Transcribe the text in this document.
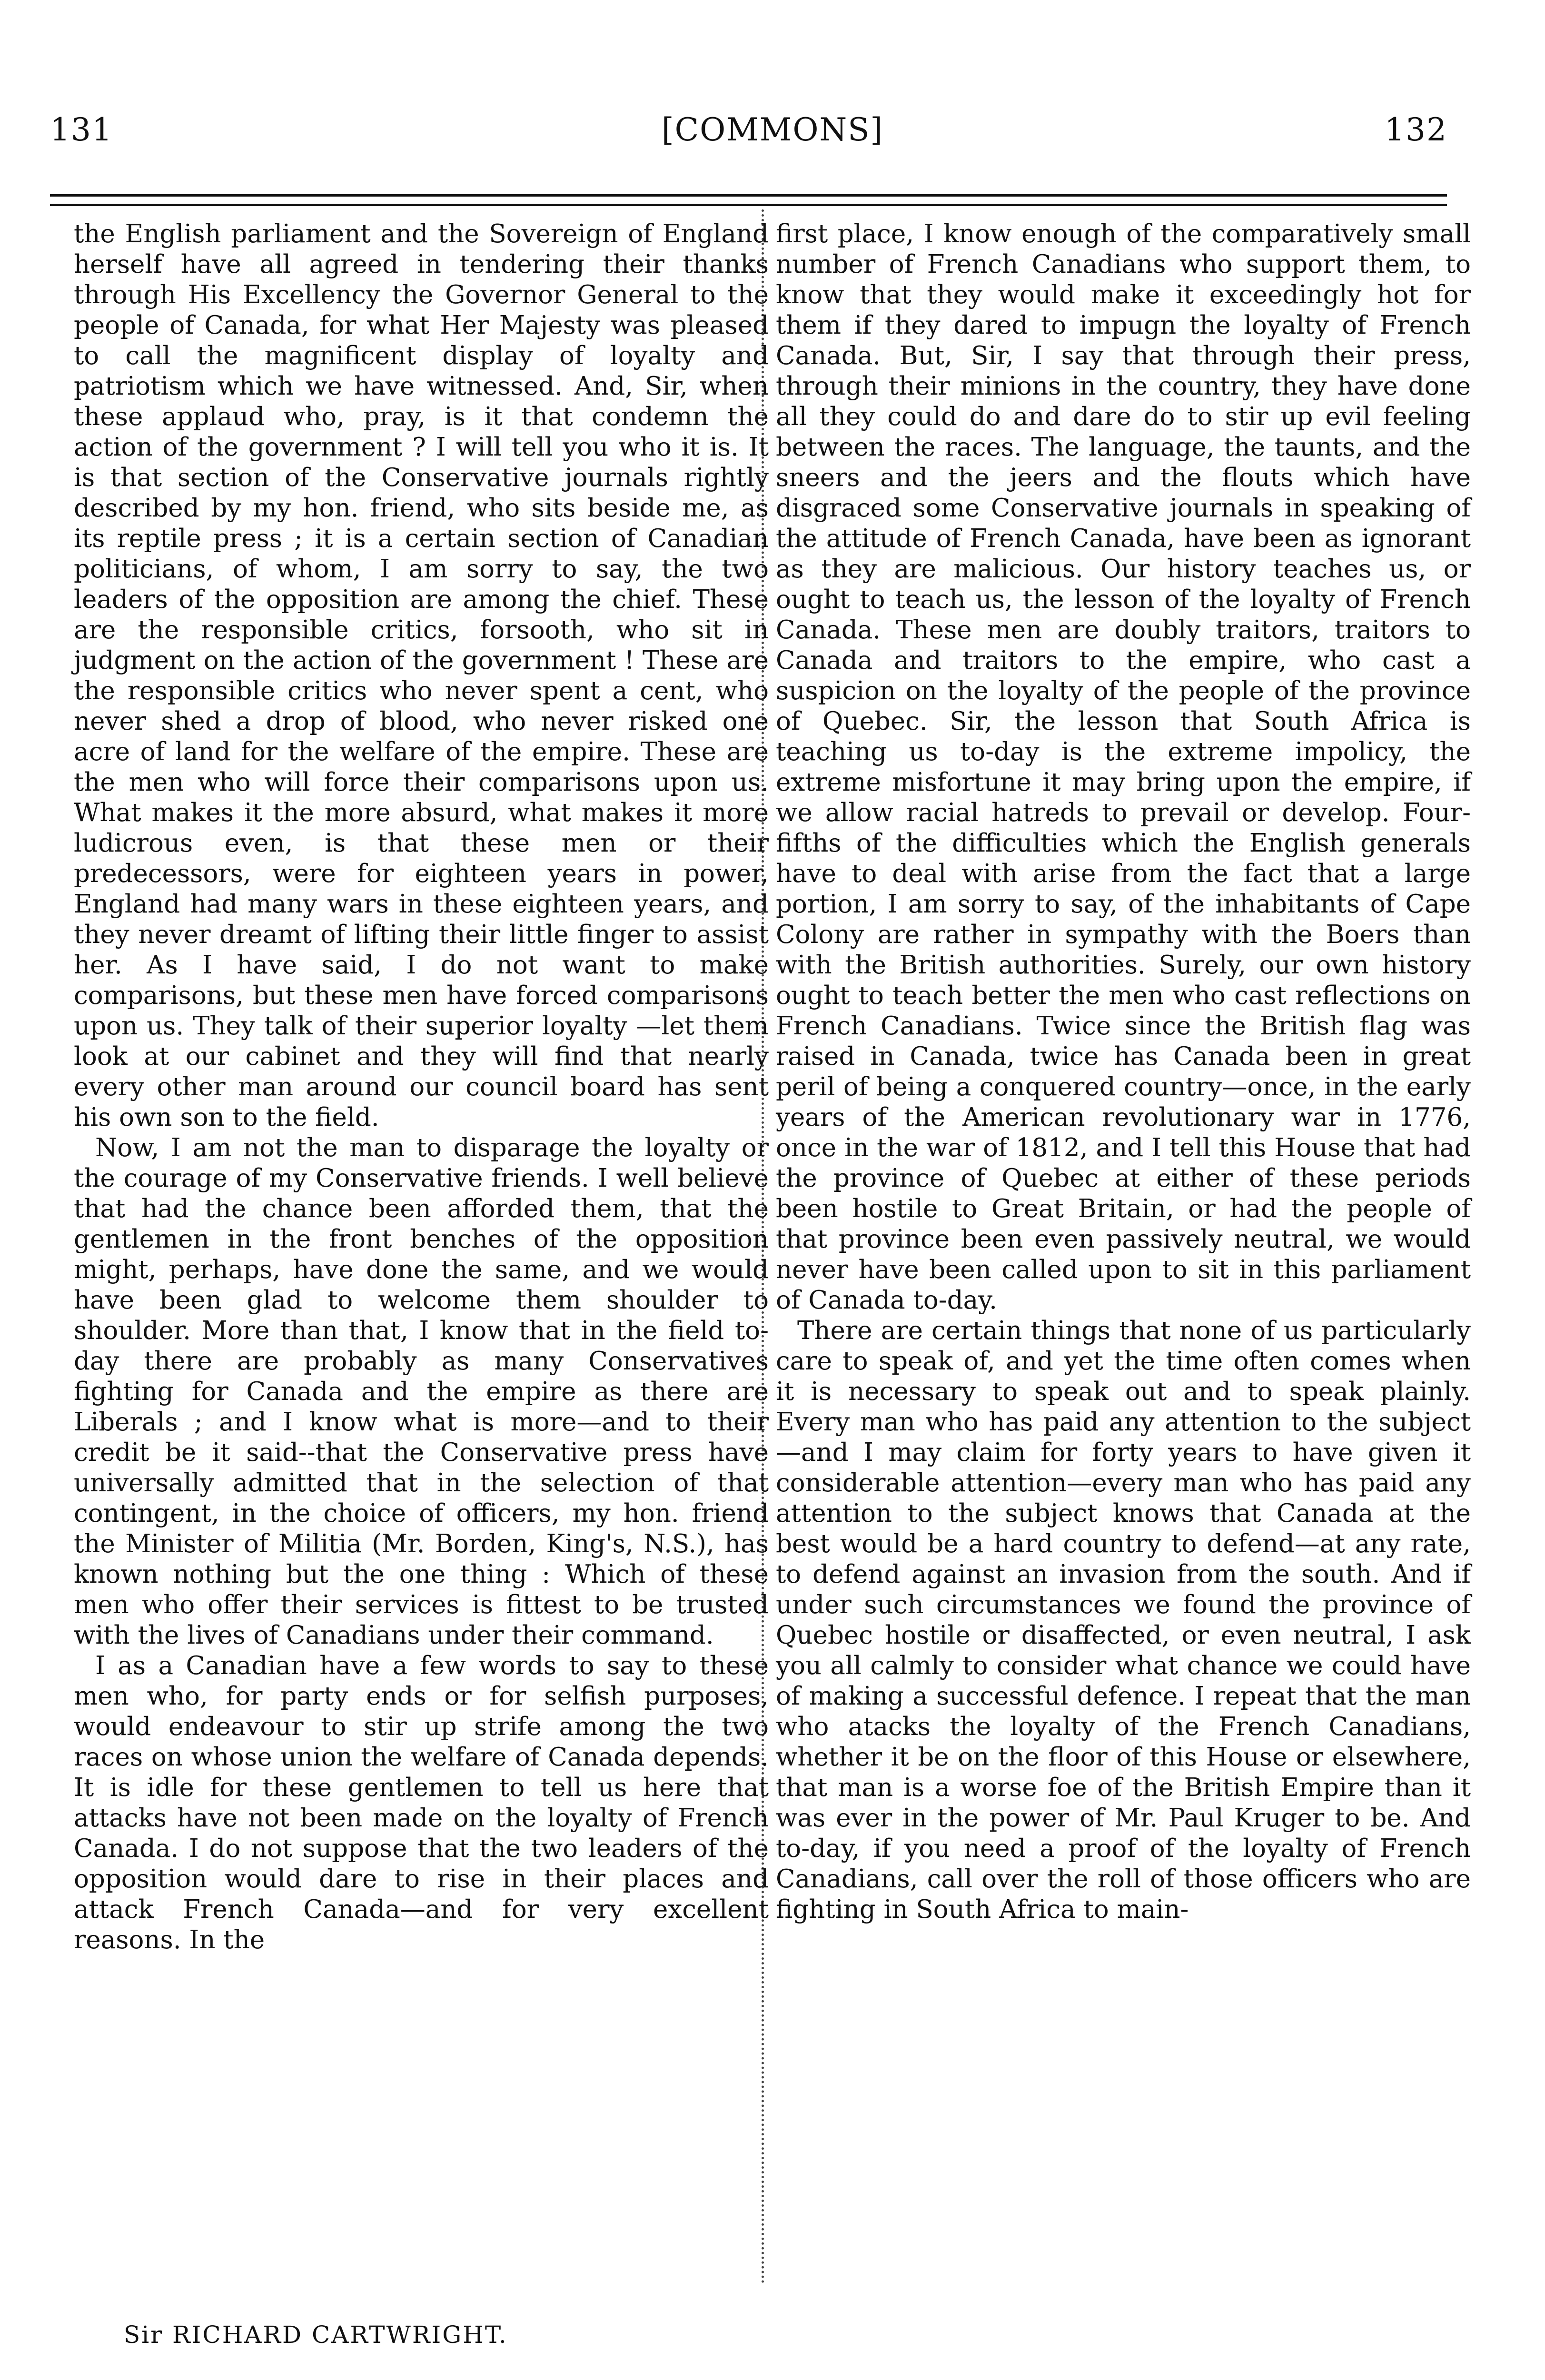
131	[COMMONS]	132

the English parliament and the Sovereign of England herself have all agreed in tendering their thanks through His Excellency the Governor General to the people of Canada, for what Her Majesty was pleased to call the magnificent display of loyalty and patriotism which we have witnessed. And, Sir, when these applaud who, pray, is it that condemn the action of the government ? I will tell you who it is. It is that section of the Conservative journals rightly described by my hon. friend, who sits beside me, as its reptile press ; it is a certain section of Canadian politicians, of whom, I am sorry to say, the two leaders of the opposition are among the chief. These are the responsible critics, forsooth, who sit in judgment on the action of the government ! These are the responsible critics who never spent a cent, who never shed a drop of blood, who never risked one acre of land for the welfare of the empire. These are the men who will force their comparisons upon us. What makes it the more absurd, what makes it more ludicrous even, is that these men or their predecessors, were for eighteen years in power, England had many wars in these eighteen years, and they never dreamt of lifting their little finger to assist her. As I have said, I do not want to make comparisons, but these men have forced comparisons upon us. They talk of their superior loyalty —let them look at our cabinet and they will find that nearly every other man around our council board has sent his own son to the field.

Now, I am not the man to disparage the loyalty or the courage of my Conservative friends. I well believe that had the chance been afforded them, that the gentlemen in the front benches of the opposition might, perhaps, have done the same, and we would have been glad to welcome them shoulder to shoulder. More than that, I know that in the field to-day there are probably as many Conservatives fighting for Canada and the empire as there are Liberals ; and I know what is more—and to their credit be it said--that the Conservative press have universally admitted that in the selection of that contingent, in the choice of officers, my hon. friend the Minister of Militia (Mr. Borden, King's, N.S.), has known nothing but the one thing : Which of these men who offer their services is fittest to be trusted with the lives of Canadians under their command.

I as a Canadian have a few words to say to these men who, for party ends or for selfish purposes, would endeavour to stir up strife among the two races on whose union the welfare of Canada depends. It is idle for these gentlemen to tell us here that attacks have not been made on the loyalty of French Canada. I do not suppose that the two leaders of the opposition would dare to rise in their places and attack French Canada—and for very excellent reasons. In the

first place, I know enough of the comparatively small number of French Canadians who support them, to know that they would make it exceedingly hot for them if they dared to impugn the loyalty of French Canada. But, Sir, I say that through their press, through their minions in the country, they have done all they could do and dare do to stir up evil feeling between the races. The language, the taunts, and the sneers and the jeers and the flouts which have disgraced some Conservative journals in speaking of the attitude of French Canada, have been as ignorant as they are malicious. Our history teaches us, or ought to teach us, the lesson of the loyalty of French Canada. These men are doubly traitors, traitors to Canada and traitors to the empire, who cast a suspicion on the loyalty of the people of the province of Quebec. Sir, the lesson that South Africa is teaching us to-day is the extreme impolicy, the extreme misfortune it may bring upon the empire, if we allow racial hatreds to prevail or develop. Four-fifths of the difficulties which the English generals have to deal with arise from the fact that a large portion, I am sorry to say, of the inhabitants of Cape Colony are rather in sympathy with the Boers than with the British authorities. Surely, our own history ought to teach better the men who cast reflections on French Canadians. Twice since the British flag was raised in Canada, twice has Canada been in great peril of being a conquered country—once, in the early years of the American revolutionary war in 1776, once in the war of 1812, and I tell this House that had the province of Quebec at either of these periods been hostile to Great Britain, or had the people of that province been even passively neutral, we would never have been called upon to sit in this parliament of Canada to-day.

There are certain things that none of us particularly care to speak of, and yet the time often comes when it is necessary to speak out and to speak plainly. Every man who has paid any attention to the subject—and I may claim for forty years to have given it considerable attention—every man who has paid any attention to the subject knows that Canada at the best would be a hard country to defend—at any rate, to defend against an invasion from the south. And if under such circumstances we found the province of Quebec hostile or disaffected, or even neutral, I ask you all calmly to consider what chance we could have of making a successful defence. I repeat that the man who atacks the loyalty of the French Canadians, whether it be on the floor of this House or elsewhere, that man is a worse foe of the British Empire than it was ever in the power of Mr. Paul Kruger to be. And to-day, if you need a proof of the loyalty of French Canadians, call over the roll of those officers who are fighting in South Africa to main-

Sir RICHARD CARTWRIGHT.
